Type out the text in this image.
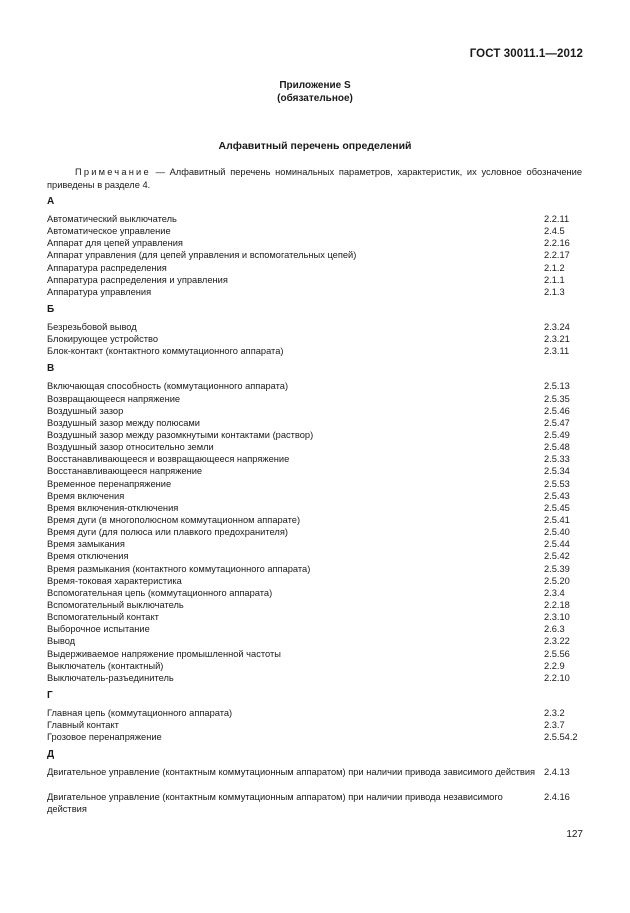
ГОСТ 30011.1—2012
Приложение S
(обязательное)
Алфавитный перечень определений
Примечание — Алфавитный перечень номинальных параметров, характеристик, их условное обозначение приведены в разделе 4.
А
Автоматический выключатель	2.2.11
Автоматическое управление	2.4.5
Аппарат для цепей управления	2.2.16
Аппарат управления (для цепей управления и вспомогательных цепей)	2.2.17
Аппаратура распределения	2.1.2
Аппаратура распределения и управления	2.1.1
Аппаратура управления	2.1.3
Б
Безрезьбовой вывод	2.3.24
Блокирующее устройство	2.3.21
Блок-контакт (контактного коммутационного аппарата)	2.3.11
В
Включающая способность (коммутационного аппарата)	2.5.13
Возвращающееся напряжение	2.5.35
Воздушный зазор	2.5.46
Воздушный зазор между полюсами	2.5.47
Воздушный зазор между разомкнутыми контактами (раствор)	2.5.49
Воздушный зазор относительно земли	2.5.48
Восстанавливающееся и возвращающееся напряжение	2.5.33
Восстанавливающееся напряжение	2.5.34
Временное перенапряжение	2.5.53
Время включения	2.5.43
Время включения-отключения	2.5.45
Время дуги (в многополюсном коммутационном аппарате)	2.5.41
Время дуги (для полюса или плавкого предохранителя)	2.5.40
Время замыкания	2.5.44
Время отключения	2.5.42
Время размыкания (контактного коммутационного аппарата)	2.5.39
Время-токовая характеристика	2.5.20
Вспомогательная цепь (коммутационного аппарата)	2.3.4
Вспомогательный выключатель	2.2.18
Вспомогательный контакт	2.3.10
Выборочное испытание	2.6.3
Вывод	2.3.22
Выдерживаемое напряжение промышленной частоты	2.5.56
Выключатель (контактный)	2.2.9
Выключатель-разъединитель	2.2.10
Г
Главная цепь (коммутационного аппарата)	2.3.2
Главный контакт	2.3.7
Грозовое перенапряжение	2.5.54.2
Д
Двигательное управление (контактным коммутационным аппаратом) при наличии привода зависимого действия 2.4.13
Двигательное управление (контактным коммутационным аппаратом) при наличии привода независимого действия
2.4.16
127
